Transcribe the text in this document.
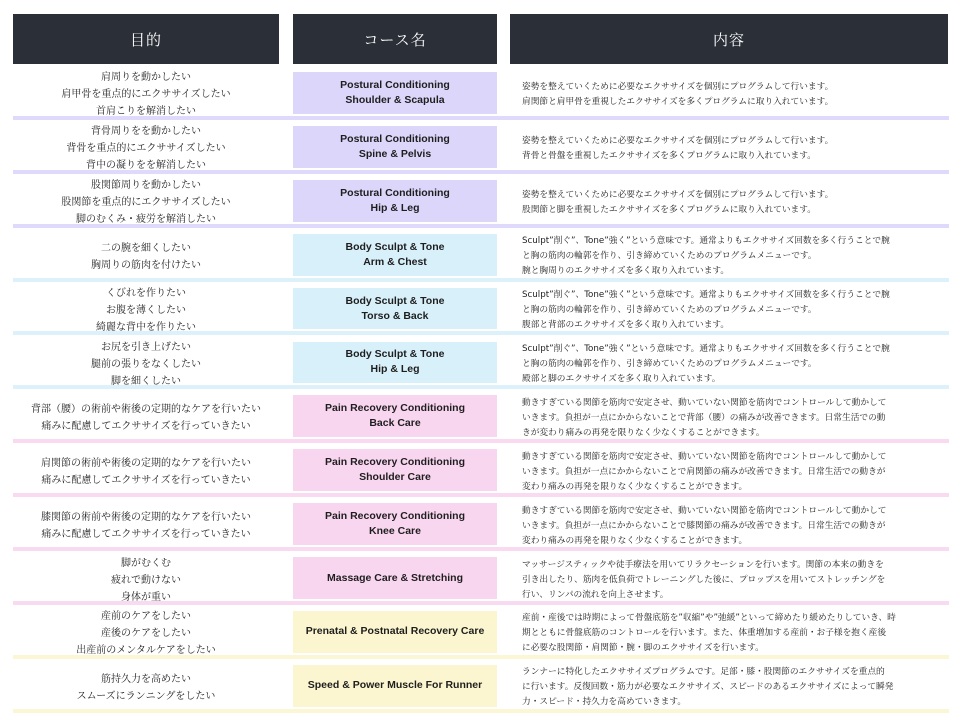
目的	コース名	内容
肩周りを動かしたい
肩甲骨を重点的にエクササイズしたい
首肩こりを解消したい
Postural Conditioning
Shoulder & Scapula
姿勢を整えていくために必要なエクササイズを個別にプログラムして行います。
肩関節と肩甲骨を重視したエクササイズを多くプログラムに取り入れています。
背骨周りをを動かしたい
背骨を重点的にエクササイズしたい
背中の凝りをを解消したい
Postural Conditioning
Spine & Pelvis
姿勢を整えていくために必要なエクササイズを個別にプログラムして行います。
背骨と骨盤を重視したエクササイズを多くプログラムに取り入れています。
股関節周りを動かしたい
股関節を重点的にエクササイズしたい
脚のむくみ・疲労を解消したい
Postural Conditioning
Hip & Leg
姿勢を整えていくために必要なエクササイズを個別にプログラムして行います。
股関節と脚を重視したエクササイズを多くプログラムに取り入れています。
二の腕を細くしたい
胸周りの筋肉を付けたい
Body Sculpt & Tone
Arm & Chest
Sculpt”削ぐ”、Tone”強く”という意味です。通常よりもエクササイズ回数を多く行うことで腕
と胸の筋肉の輪郭を作り、引き締めていくためのプログラムメニューです。
腕と胸周りのエクササイズを多く取り入れています。
くびれを作りたい
お腹を薄くしたい
綺麗な背中を作りたい
Body Sculpt & Tone
Torso & Back
Sculpt”削ぐ”、Tone”強く”という意味です。通常よりもエクササイズ回数を多く行うことで腕
と胸の筋肉の輪郭を作り、引き締めていくためのプログラムメニューです。
腹部と背部のエクササイズを多く取り入れています。
お尻を引き上げたい
腿前の張りをなくしたい
脚を細くしたい
Body Sculpt & Tone
Hip & Leg
Sculpt”削ぐ”、Tone”強く”という意味です。通常よりもエクササイズ回数を多く行うことで腕
と胸の筋肉の輪郭を作り、引き締めていくためのプログラムメニューです。
殿部と脚のエクササイズを多く取り入れています。
背部（腰）の術前や術後の定期的なケアを行いたい
痛みに配慮してエクササイズを行っていきたい
Pain Recovery Conditioning
Back Care
動きすぎている関節を筋肉で安定させ、動いていない関節を筋肉でコントロールして動かして
いきます。負担が一点にかからないことで背部（腰）の痛みが改善できます。日常生活での動
きが変わり痛みの再発を限りなく少なくすることができます。
肩関節の術前や術後の定期的なケアを行いたい
痛みに配慮してエクササイズを行っていきたい
Pain Recovery Conditioning
Shoulder Care
動きすぎている関節を筋肉で安定させ、動いていない関節を筋肉でコントロールして動かして
いきます。負担が一点にかからないことで肩関節の痛みが改善できます。日常生活での動きが
変わり痛みの再発を限りなく少なくすることができます。
膝関節の術前や術後の定期的なケアを行いたい
痛みに配慮してエクササイズを行っていきたい
Pain Recovery Conditioning
Knee Care
動きすぎている関節を筋肉で安定させ、動いていない関節を筋肉でコントロールして動かして
いきます。負担が一点にかからないことで膝関節の痛みが改善できます。日常生活での動きが
変わり痛みの再発を限りなく少なくすることができます。
脚がむくむ
疲れで動けない
身体が重い
Massage Care & Stretching
マッサージスティックや徒手療法を用いてリラクセーションを行います。関節の本来の動きを
引き出したり、筋肉を低負荷でトレーニングした後に、プロップスを用いてストレッチングを
行い、リンパの流れを向上させます。
産前のケアをしたい
産後のケアをしたい
出産前のメンタルケアをしたい
Prenatal & Postnatal Recovery Care
産前・産後では時期によって骨盤底筋を”収縮”や”弛緩”といって締めたり緩めたりしていき、時
期とともに骨盤底筋のコントロールを行います。また、体重増加する産前・お子様を抱く産後
に必要な股関節・肩関節・腕・脚のエクササイズを行います。
筋持久力を高めたい
スムーズにランニングをしたい
Speed & Power Muscle For Runner
ランナーに特化したエクササイズプログラムです。足部・膝・股関節のエクササイズを重点的
に行います。反復回数・筋力が必要なエクササイズ、スピードのあるエクササイズによって瞬発
力・スピード・持久力を高めていきます。
